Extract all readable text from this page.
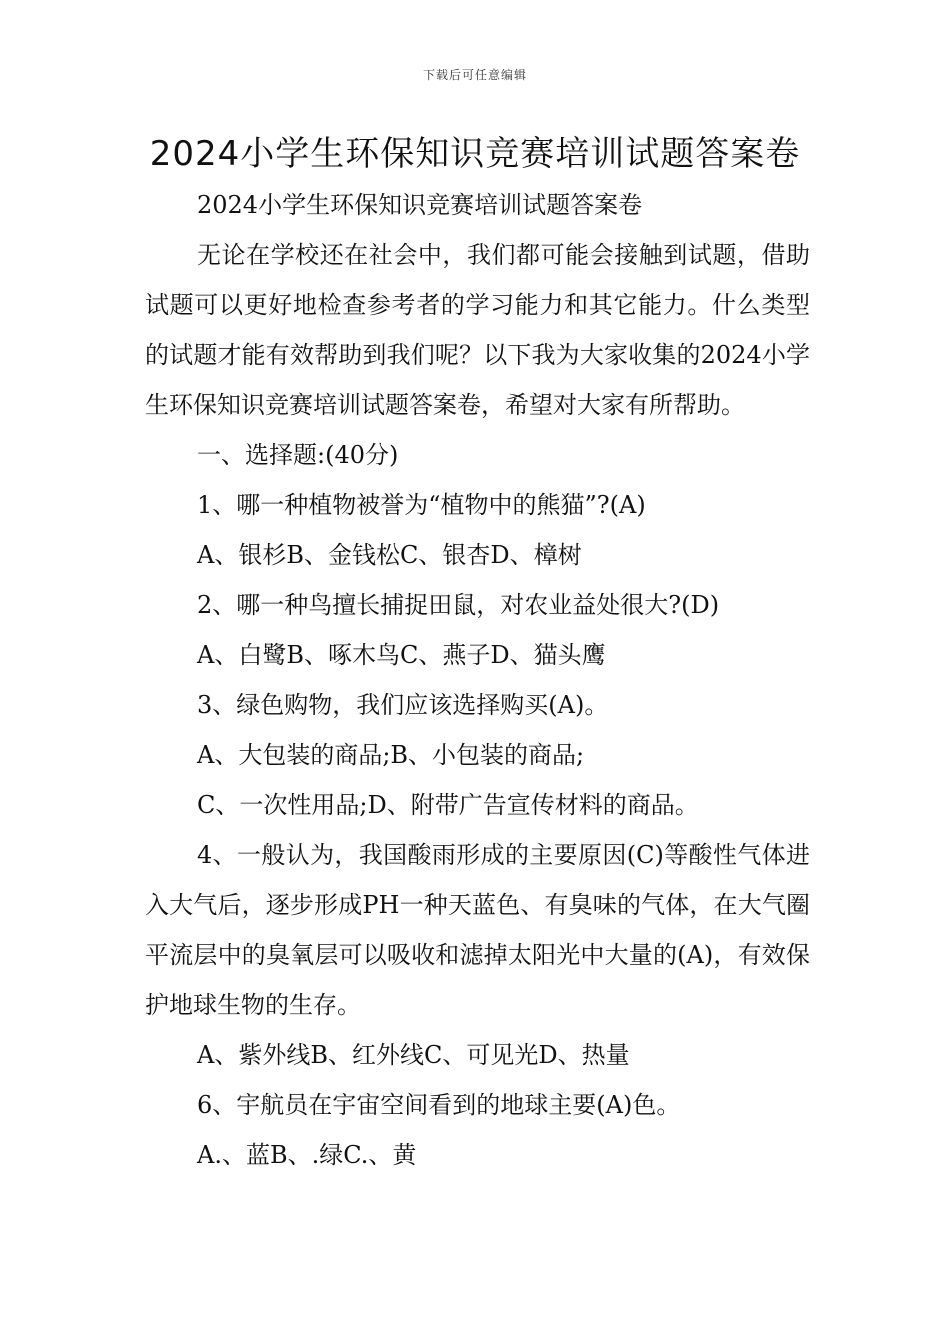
下载后可任意编辑
2024小学生环保知识竞赛培训试题答案卷

2024小学生环保知识竞赛培训试题答案卷

无论在学校还在社会中，我们都可能会接触到试题，借助试题可以更好地检查参考者的学习能力和其它能力。什么类型的试题才能有效帮助到我们呢？以下我为大家收集的2024小学生环保知识竞赛培训试题答案卷，希望对大家有所帮助。

一、选择题:(40分)

1、哪一种植物被誉为“植物中的熊猫”?(A)

A、银杉B、金钱松C、银杏D、樟树

2、哪一种鸟擅长捕捉田鼠，对农业益处很大?(D)

A、白鹭B、啄木鸟C、燕子D、猫头鹰

3、绿色购物，我们应该选择购买(A)。

A、大包装的商品;B、小包装的商品;

C、一次性用品;D、附带广告宣传材料的商品。

4、一般认为，我国酸雨形成的主要原因(C)等酸性气体进入大气后，逐步形成PH一种天蓝色、有臭味的气体，在大气圈平流层中的臭氧层可以吸收和滤掉太阳光中大量的(A)，有效保护地球生物的生存。

A、紫外线B、红外线C、可见光D、热量

6、宇航员在宇宙空间看到的地球主要(A)色。

A.、蓝B、.绿C.、黄
